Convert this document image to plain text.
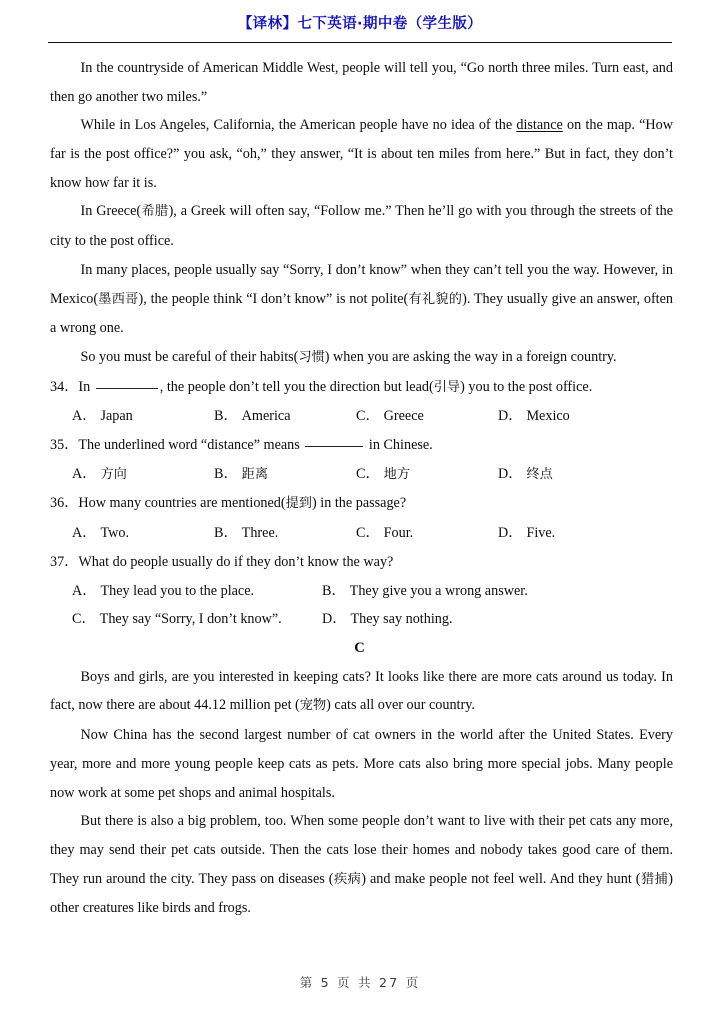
【译林】七下英语·期中卷（学生版）

In the countryside of American Middle West, people will tell you, “Go north three miles. Turn east, and then go another two miles.”

While in Los Angeles, California, the American people have no idea of the distance on the map. “How far is the post office?” you ask, “oh,” they answer, “It is about ten miles from here.” But in fact, they don’t know how far it is.

In Greece(希腊), a Greek will often say, “Follow me.” Then he’ll go with you through the streets of the city to the post office.

In many places, people usually say “Sorry, I don’t know” when they can’t tell you the way. However, in Mexico(墨西哥), the people think “I don’t know” is not polite(有礼貌的). They usually give an answer, often a wrong one.

So you must be careful of their habits(习惯) when you are asking the way in a foreign country.

34．In	, the people don’t tell you the direction but lead(引导) you to the post office.

A． Japan	B． America	C． Greece	D． Mexico

35．The underlined word “distance” means	in Chinese.

A． 方向	B． 距离	C． 地方	D． 终点

36．How many countries are mentioned(提到) in the passage?

A． Two.	B． Three.	C． Four.	D． Five.

37．What do people usually do if they don’t know the way?

A． They lead you to the place.	B． They give you a wrong answer.

C． They say “Sorry, I don’t know”.	D． They say nothing.

C

Boys and girls, are you interested in keeping cats? It looks like there are more cats around us today. In fact, now there are about 44.12 million pet (宠物) cats all over our country.

Now China has the second largest number of cat owners in the world after the United States. Every year, more and more young people keep cats as pets. More cats also bring more special jobs. Many people now work at some pet shops and animal hospitals.

But there is also a big problem, too. When some people don’t want to live with their pet cats any more, they may send their pet cats outside. Then the cats lose their homes and nobody takes good care of them. They run around the city. They pass on diseases (疾病) and make people not feel well. And they hunt (猎捕) other creatures like birds and frogs.

第 5 页 共 27 页
